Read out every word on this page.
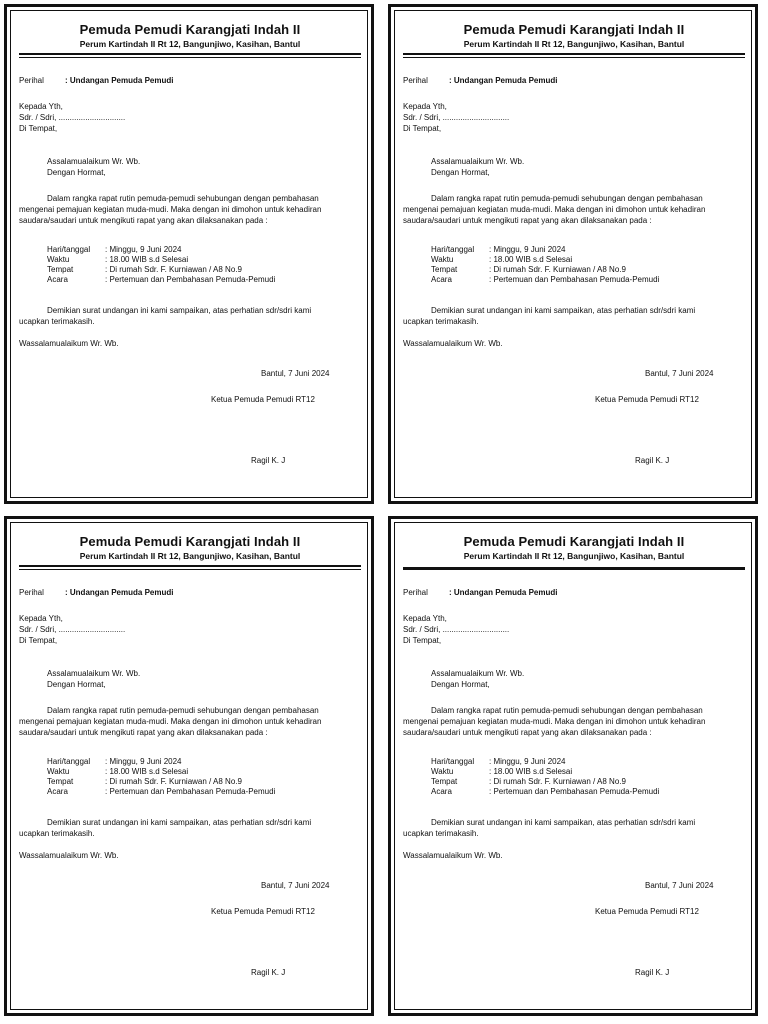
Pemuda Pemudi Karangjati Indah II
Perum Kartindah II Rt 12, Bangunjiwo, Kasihan, Bantul
Perihal	: Undangan Pemuda Pemudi
Kepada Yth,
Sdr. / Sdri, ..............................
Di Tempat,
Assalamualaikum Wr. Wb.
Dengan Hormat,
Dalam rangka rapat rutin pemuda-pemudi sehubungan dengan pembahasan
mengenai pemajuan kegiatan muda-mudi. Maka dengan ini dimohon untuk kehadiran
saudara/saudari untuk mengikuti rapat yang akan dilaksanakan pada :
Hari/tanggal : Minggu, 9 Juni 2024
Waktu	: 18.00 WIB s.d Selesai
Tempat	: Di rumah Sdr. F. Kurniawan / A8 No.9
Acara	: Pertemuan dan Pembahasan Pemuda-Pemudi
Demikian surat undangan ini kami sampaikan, atas perhatian sdr/sdri kami
ucapkan terimakasih.
Wassalamualaikum Wr. Wb.
Bantul, 7 Juni 2024
Ketua Pemuda Pemudi RT12
Ragil K. J
Pemuda Pemudi Karangjati Indah II
Perum Kartindah II Rt 12, Bangunjiwo, Kasihan, Bantul
Perihal	: Undangan Pemuda Pemudi
Kepada Yth,
Sdr. / Sdri, ..............................
Di Tempat,
Assalamualaikum Wr. Wb.
Dengan Hormat,
Dalam rangka rapat rutin pemuda-pemudi sehubungan dengan pembahasan
mengenai pemajuan kegiatan muda-mudi. Maka dengan ini dimohon untuk kehadiran
saudara/saudari untuk mengikuti rapat yang akan dilaksanakan pada :
Hari/tanggal : Minggu, 9 Juni 2024
Waktu	: 18.00 WIB s.d Selesai
Tempat	: Di rumah Sdr. F. Kurniawan / A8 No.9
Acara	: Pertemuan dan Pembahasan Pemuda-Pemudi
Demikian surat undangan ini kami sampaikan, atas perhatian sdr/sdri kami
ucapkan terimakasih.
Wassalamualaikum Wr. Wb.
Bantul, 7 Juni 2024
Ketua Pemuda Pemudi RT12
Ragil K. J
Pemuda Pemudi Karangjati Indah II
Perum Kartindah II Rt 12, Bangunjiwo, Kasihan, Bantul
Perihal	: Undangan Pemuda Pemudi
Kepada Yth,
Sdr. / Sdri, ..............................
Di Tempat,
Assalamualaikum Wr. Wb.
Dengan Hormat,
Dalam rangka rapat rutin pemuda-pemudi sehubungan dengan pembahasan
mengenai pemajuan kegiatan muda-mudi. Maka dengan ini dimohon untuk kehadiran
saudara/saudari untuk mengikuti rapat yang akan dilaksanakan pada :
Hari/tanggal : Minggu, 9 Juni 2024
Waktu	: 18.00 WIB s.d Selesai
Tempat	: Di rumah Sdr. F. Kurniawan / A8 No.9
Acara	: Pertemuan dan Pembahasan Pemuda-Pemudi
Demikian surat undangan ini kami sampaikan, atas perhatian sdr/sdri kami
ucapkan terimakasih.
Wassalamualaikum Wr. Wb.
Bantul, 7 Juni 2024
Ketua Pemuda Pemudi RT12
Ragil K. J
Pemuda Pemudi Karangjati Indah II
Perum Kartindah II Rt 12, Bangunjiwo, Kasihan, Bantul
Perihal	: Undangan Pemuda Pemudi
Kepada Yth,
Sdr. / Sdri, ..............................
Di Tempat,
Assalamualaikum Wr. Wb.
Dengan Hormat,
Dalam rangka rapat rutin pemuda-pemudi sehubungan dengan pembahasan
mengenai pemajuan kegiatan muda-mudi. Maka dengan ini dimohon untuk kehadiran
saudara/saudari untuk mengikuti rapat yang akan dilaksanakan pada :
Hari/tanggal : Minggu, 9 Juni 2024
Waktu	: 18.00 WIB s.d Selesai
Tempat	: Di rumah Sdr. F. Kurniawan / A8 No.9
Acara	: Pertemuan dan Pembahasan Pemuda-Pemudi
Demikian surat undangan ini kami sampaikan, atas perhatian sdr/sdri kami
ucapkan terimakasih.
Wassalamualaikum Wr. Wb.
Bantul, 7 Juni 2024
Ketua Pemuda Pemudi RT12
Ragil K. J
